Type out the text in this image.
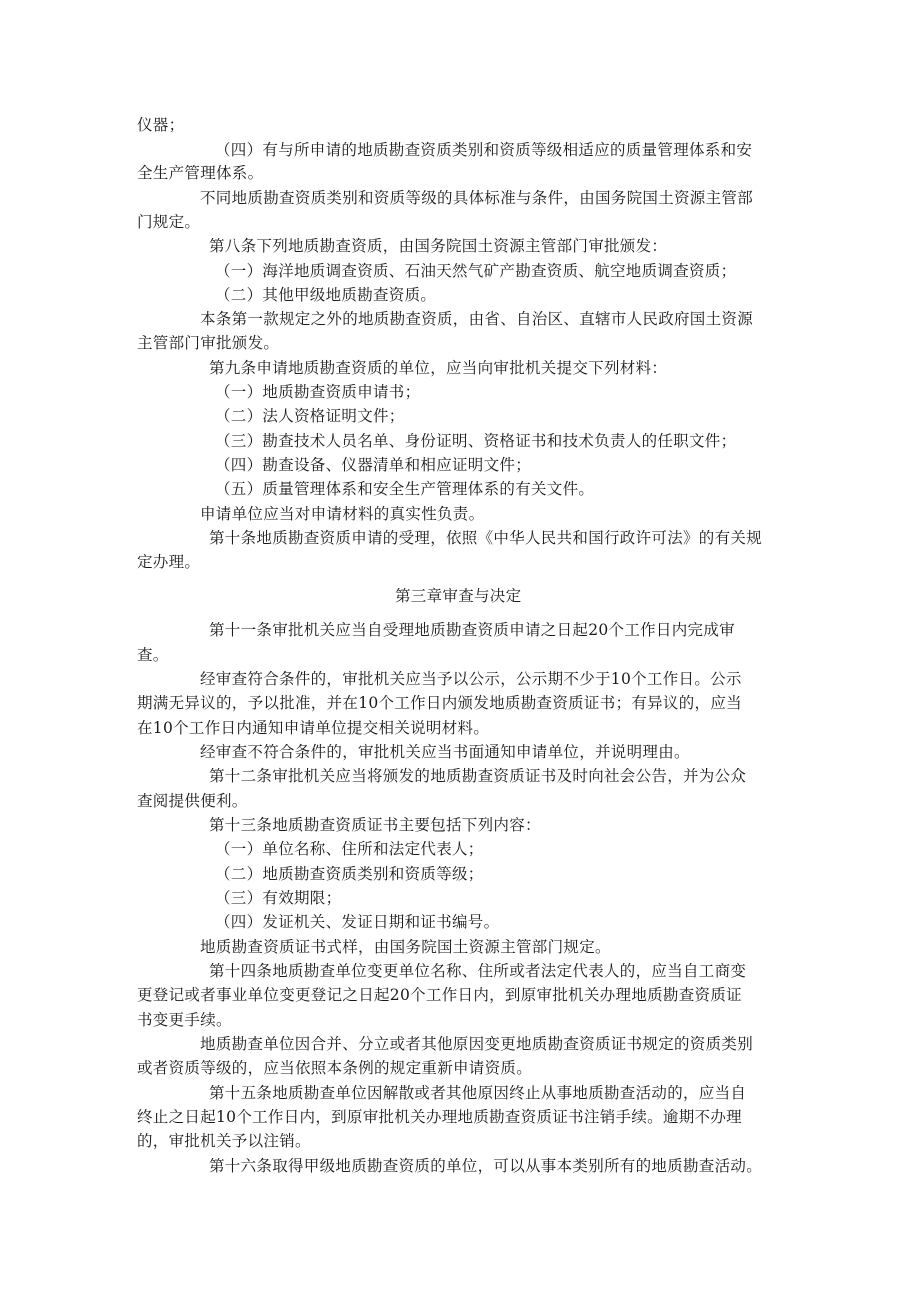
仪器；
（四）有与所申请的地质勘查资质类别和资质等级相适应的质量管理体系和安
全生产管理体系。
不同地质勘查资质类别和资质等级的具体标准与条件，由国务院国土资源主管部
门规定。
第八条下列地质勘查资质，由国务院国土资源主管部门审批颁发：
（一）海洋地质调查资质、石油天然气矿产勘查资质、航空地质调查资质；
（二）其他甲级地质勘查资质。
本条第一款规定之外的地质勘查资质，由省、自治区、直辖市人民政府国土资源
主管部门审批颁发。
第九条申请地质勘查资质的单位，应当向审批机关提交下列材料：
（一）地质勘查资质申请书；
（二）法人资格证明文件；
（三）勘查技术人员名单、身份证明、资格证书和技术负责人的任职文件；
（四）勘查设备、仪器清单和相应证明文件；
（五）质量管理体系和安全生产管理体系的有关文件。
申请单位应当对申请材料的真实性负责。
第十条地质勘查资质申请的受理，依照《中华人民共和国行政许可法》的有关规
定办理。
第三章审查与决定
第十一条审批机关应当自受理地质勘查资质申请之日起20个工作日内完成审
查。
经审查符合条件的，审批机关应当予以公示，公示期不少于10个工作日。公示
期满无异议的，予以批准，并在10个工作日内颁发地质勘查资质证书；有异议的，应当
在10个工作日内通知申请单位提交相关说明材料。
经审查不符合条件的，审批机关应当书面通知申请单位，并说明理由。
第十二条审批机关应当将颁发的地质勘查资质证书及时向社会公告，并为公众
查阅提供便利。
第十三条地质勘查资质证书主要包括下列内容：
（一）单位名称、住所和法定代表人；
（二）地质勘查资质类别和资质等级；
（三）有效期限；
（四）发证机关、发证日期和证书编号。
地质勘查资质证书式样，由国务院国土资源主管部门规定。
第十四条地质勘查单位变更单位名称、住所或者法定代表人的，应当自工商变
更登记或者事业单位变更登记之日起20个工作日内，到原审批机关办理地质勘查资质证
书变更手续。
地质勘查单位因合并、分立或者其他原因变更地质勘查资质证书规定的资质类别
或者资质等级的，应当依照本条例的规定重新申请资质。
第十五条地质勘查单位因解散或者其他原因终止从事地质勘查活动的，应当自
终止之日起10个工作日内，到原审批机关办理地质勘查资质证书注销手续。逾期不办理
的，审批机关予以注销。
第十六条取得甲级地质勘查资质的单位，可以从事本类别所有的地质勘查活动。
